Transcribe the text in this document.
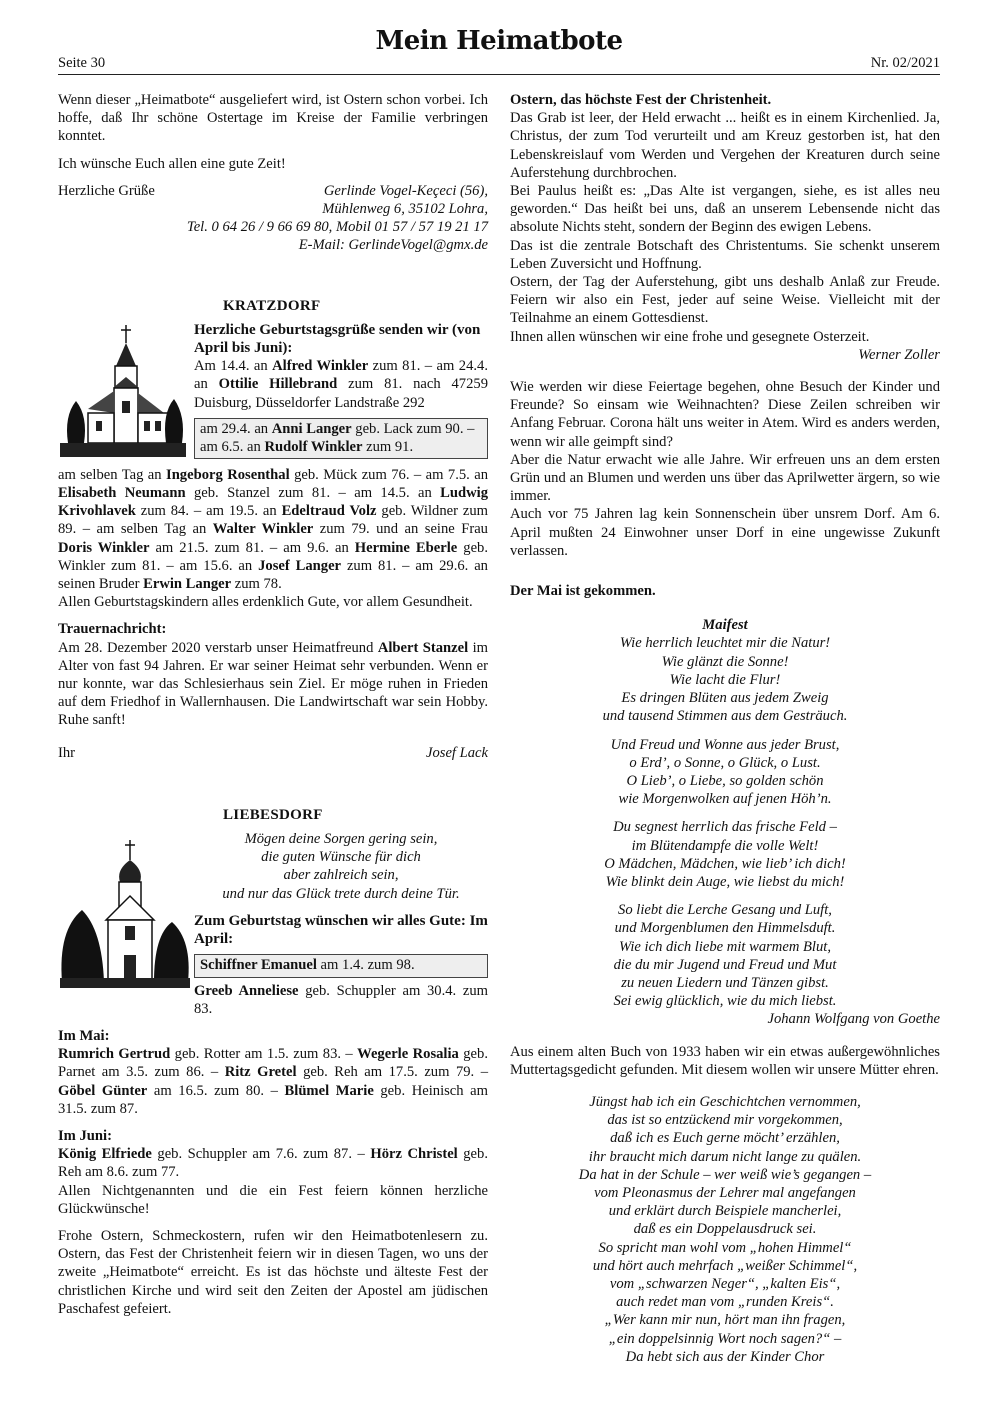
Seite 30
Mein Heimatbote
Nr. 02/2021

Wenn dieser „Heimatbote“ ausgeliefert wird, ist Ostern schon vorbei. Ich hoffe, daß Ihr schöne Ostertage im Kreise der Familie verbringen konntet.

Ich wünsche Euch allen eine gute Zeit!

Herzliche Grüße	Gerlinde Vogel-Keçeci (56),

Mühlenweg 6, 35102 Lohra,

Tel. 0 64 26 / 9 66 69 80, Mobil 01 57 / 57 19 21 17

E-Mail: GerlindeVogel@gmx.de

KRATZDORF

Herzliche Geburtstagsgrüße senden wir (von April bis Juni):

Am 14.4. an Alfred Winkler zum 81. – am 24.4. an Ottilie Hillebrand zum 81. nach 47259 Duisburg, Düsseldorfer Landstraße 292

am 29.4. an Anni Langer geb. Lack zum 90. – am 6.5. an Rudolf Winkler zum 91.

am selben Tag an Ingeborg Rosenthal geb. Mück zum 76. – am 7.5. an Elisabeth Neumann geb. Stanzel zum 81. – am 14.5. an Ludwig Krivohlavek zum 84. – am 19.5. an Edeltraud Volz geb. Wildner zum 89. – am selben Tag an Walter Winkler zum 79. und an seine Frau Doris Winkler am 21.5. zum 81. – am 9.6. an Hermine Eberle geb. Winkler zum 81. – am 15.6. an Josef Langer zum 81. – am 29.6. an seinen Bruder Erwin Langer zum 78.

Allen Geburtstagskindern alles erdenklich Gute, vor allem Gesundheit.

Trauernachricht:

Am 28. Dezember 2020 verstarb unser Heimatfreund Albert Stanzel im Alter von fast 94 Jahren. Er war seiner Heimat sehr verbunden. Wenn er nur konnte, war das Schlesierhaus sein Ziel. Er möge ruhen in Frieden auf dem Friedhof in Wallernhausen. Die Landwirtschaft war sein Hobby. Ruhe sanft!

Ihr	Josef Lack

LIEBESDORF

Mögen deine Sorgen gering sein,

die guten Wünsche für dich

aber zahlreich sein,

und nur das Glück trete durch deine Tür.

Zum Geburtstag wünschen wir alles Gute: Im April:

Schiffner Emanuel am 1.4. zum 98.

Greeb Anneliese geb. Schuppler am 30.4. zum 83.

Im Mai:

Rumrich Gertrud geb. Rotter am 1.5. zum 83. – Wegerle Rosalia geb. Parnet am 3.5. zum 86. – Ritz Gretel geb. Reh am 17.5. zum 79. – Göbel Günter am 16.5. zum 80. – Blümel Marie geb. Heinisch am 31.5. zum 87.

Im Juni:

König Elfriede geb. Schuppler am 7.6. zum 87. – Hörz Christel geb. Reh am 8.6. zum 77.

Allen Nichtgenannten und die ein Fest feiern können herzliche Glückwünsche!

Frohe Ostern, Schmeckostern, rufen wir den Heimatbotenlesern zu. Ostern, das Fest der Christenheit feiern wir in diesen Tagen, wo uns der zweite „Heimatbote“ erreicht. Es ist das höchste und älteste Fest der christlichen Kirche und wird seit den Zeiten der Apostel am jüdischen Paschafest gefeiert.

Ostern, das höchste Fest der Christenheit.

Das Grab ist leer, der Held erwacht ... heißt es in einem Kirchenlied. Ja, Christus, der zum Tod verurteilt und am Kreuz gestorben ist, hat den Lebenskreislauf vom Werden und Vergehen der Kreaturen durch seine Auferstehung durchbrochen.

Bei Paulus heißt es: „Das Alte ist vergangen, siehe, es ist alles neu geworden.“ Das heißt bei uns, daß an unserem Lebensende nicht das absolute Nichts steht, sondern der Beginn des ewigen Lebens.

Das ist die zentrale Botschaft des Christentums. Sie schenkt unserem Leben Zuversicht und Hoffnung.

Ostern, der Tag der Auferstehung, gibt uns deshalb Anlaß zur Freude. Feiern wir also ein Fest, jeder auf seine Weise. Vielleicht mit der Teilnahme an einem Gottesdienst.

Ihnen allen wünschen wir eine frohe und gesegnete Osterzeit.

Werner Zoller

Wie werden wir diese Feiertage begehen, ohne Besuch der Kinder und Freunde? So einsam wie Weihnachten? Diese Zeilen schreiben wir Anfang Februar. Corona hält uns weiter in Atem. Wird es anders werden, wenn wir alle geimpft sind?

Aber die Natur erwacht wie alle Jahre. Wir erfreuen uns an dem ersten Grün und an Blumen und werden uns über das Aprilwetter ärgern, so wie immer.

Auch vor 75 Jahren lag kein Sonnenschein über unsrem Dorf. Am 6. April mußten 24 Einwohner unser Dorf in eine ungewisse Zukunft verlassen.

Der Mai ist gekommen.

Maifest

Wie herrlich leuchtet mir die Natur!

Wie glänzt die Sonne!

Wie lacht die Flur!

Es dringen Blüten aus jedem Zweig

und tausend Stimmen aus dem Gesträuch.

Und Freud und Wonne aus jeder Brust,

o Erd’, o Sonne, o Glück, o Lust.

O Lieb’, o Liebe, so golden schön

wie Morgenwolken auf jenen Höh’n.

Du segnest herrlich das frische Feld –

im Blütendampfe die volle Welt!

O Mädchen, Mädchen, wie lieb’ ich dich!

Wie blinkt dein Auge, wie liebst du mich!

So liebt die Lerche Gesang und Luft,

und Morgenblumen den Himmelsduft.

Wie ich dich liebe mit warmem Blut,

die du mir Jugend und Freud und Mut

zu neuen Liedern und Tänzen gibst.

Sei ewig glücklich, wie du mich liebst.

Johann Wolfgang von Goethe

Aus einem alten Buch von 1933 haben wir ein etwas außergewöhnliches Muttertagsgedicht gefunden. Mit diesem wollen wir unsere Mütter ehren.

Jüngst hab ich ein Geschichtchen vernommen,

das ist so entzückend mir vorgekommen,

daß ich es Euch gerne möcht’ erzählen,

ihr braucht mich darum nicht lange zu quälen.

Da hat in der Schule – wer weiß wie’s gegangen –

vom Pleonasmus der Lehrer mal angefangen

und erklärt durch Beispiele mancherlei,

daß es ein Doppelausdruck sei.

So spricht man wohl vom „hohen Himmel“

und hört auch mehrfach „weißer Schimmel“,

vom „schwarzen Neger“, „kalten Eis“,

auch redet man vom „runden Kreis“.

„Wer kann mir nun, hört man ihn fragen,

„ein doppelsinnig Wort noch sagen?“ –

Da hebt sich aus der Kinder Chor
